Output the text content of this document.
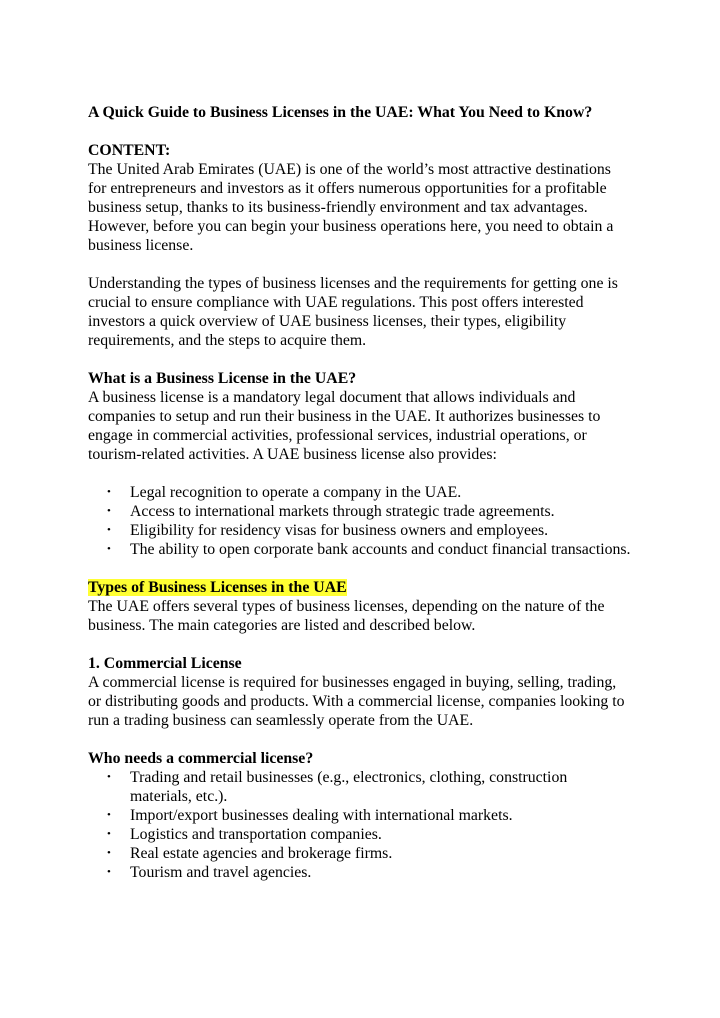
A Quick Guide to Business Licenses in the UAE: What You Need to Know?

CONTENT:

The United Arab Emirates (UAE) is one of the world’s most attractive destinations for entrepreneurs and investors as it offers numerous opportunities for a profitable business setup, thanks to its business-friendly environment and tax advantages. However, before you can begin your business operations here, you need to obtain a business license.

Understanding the types of business licenses and the requirements for getting one is crucial to ensure compliance with UAE regulations. This post offers interested investors a quick overview of UAE business licenses, their types, eligibility requirements, and the steps to acquire them.

What is a Business License in the UAE?

A business license is a mandatory legal document that allows individuals and companies to setup and run their business in the UAE. It authorizes businesses to engage in commercial activities, professional services, industrial operations, or tourism-related activities. A UAE business license also provides:

• Legal recognition to operate a company in the UAE.
• Access to international markets through strategic trade agreements.
• Eligibility for residency visas for business owners and employees.
• The ability to open corporate bank accounts and conduct financial transactions.
Types of Business Licenses in the UAE

The UAE offers several types of business licenses, depending on the nature of the business. The main categories are listed and described below.

1. Commercial License

A commercial license is required for businesses engaged in buying, selling, trading, or distributing goods and products. With a commercial license, companies looking to run a trading business can seamlessly operate from the UAE.

Who needs a commercial license?
• Trading and retail businesses (e.g., electronics, clothing, construction materials, etc.).
• Import/export businesses dealing with international markets.
• Logistics and transportation companies.
• Real estate agencies and brokerage firms.
• Tourism and travel agencies.
